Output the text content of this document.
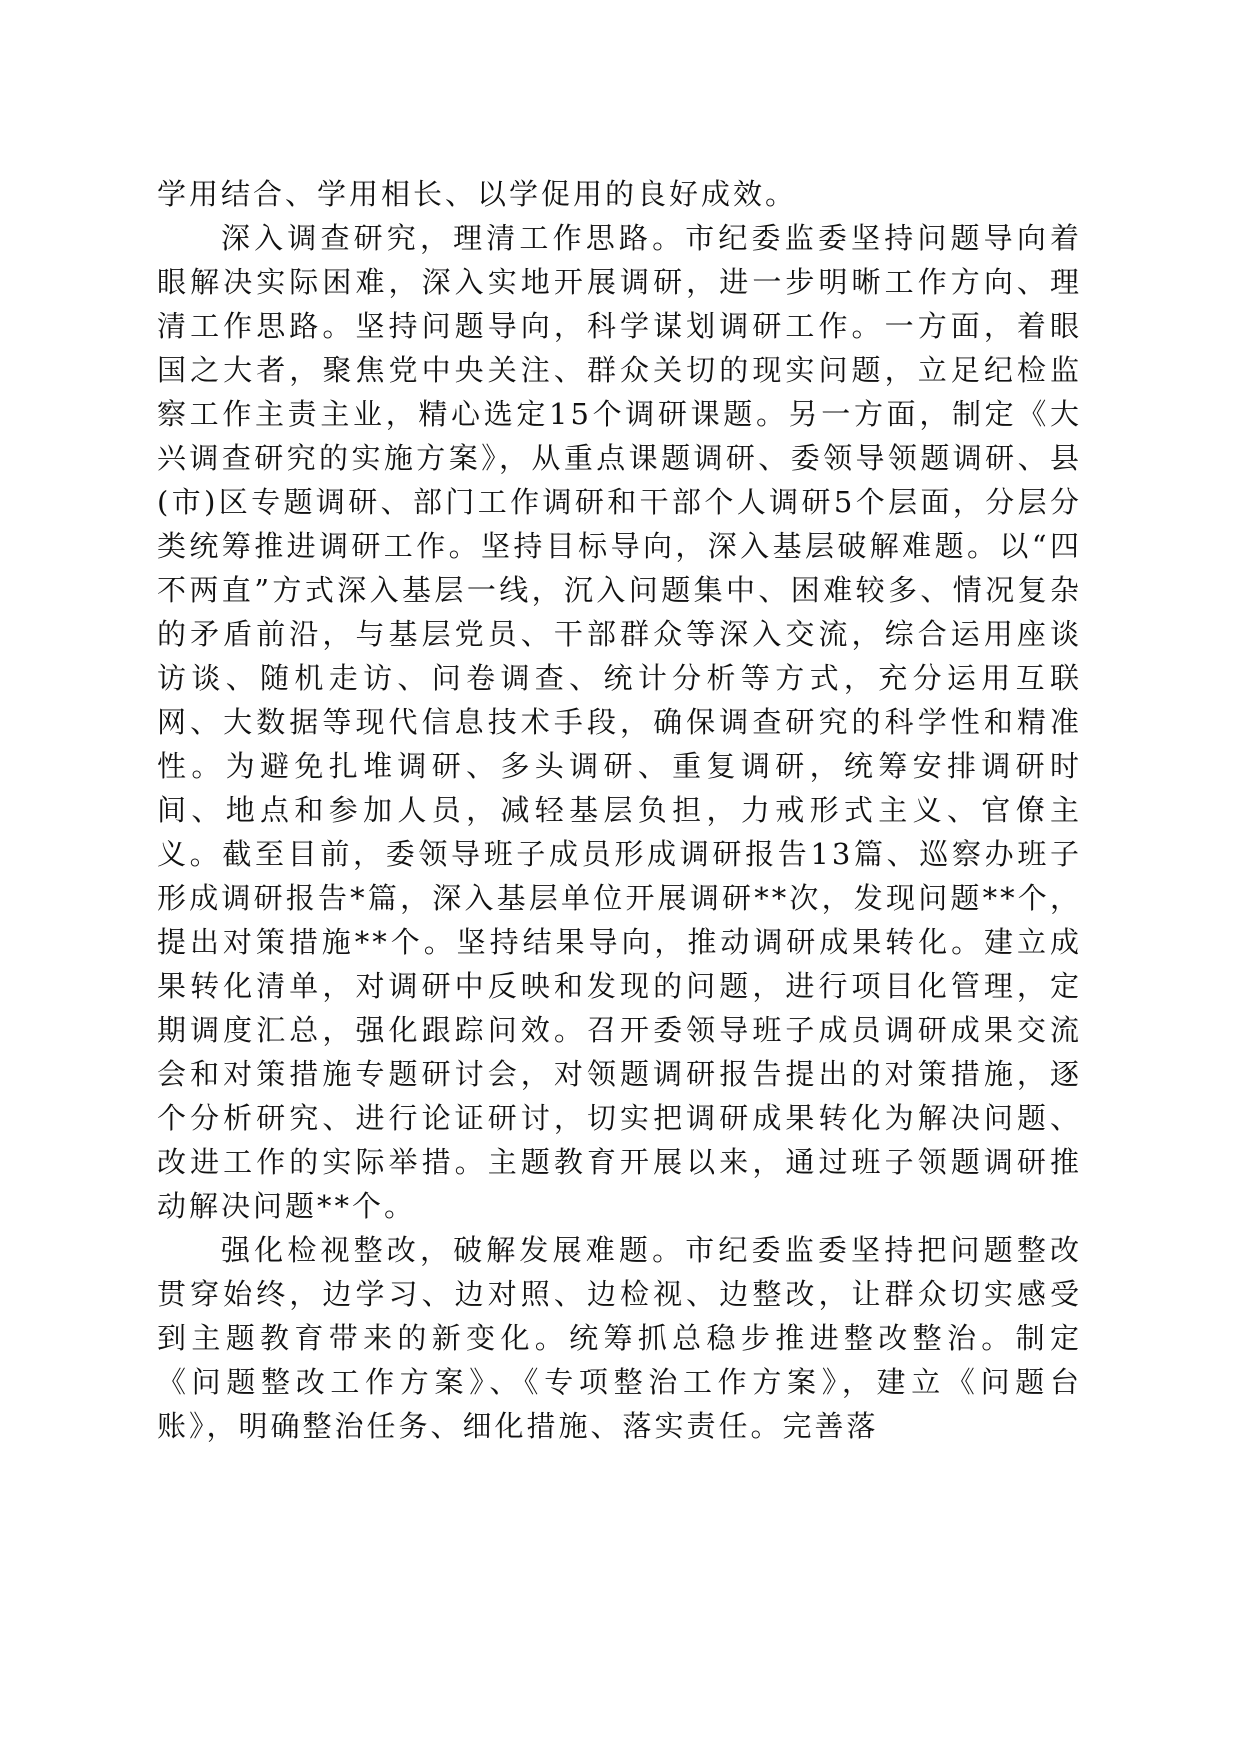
学用结合、学用相长、以学促用的良好成效。

深入调查研究，理清工作思路。市纪委监委坚持问题导向着眼解决实际困难，深入实地开展调研，进一步明晰工作方向、理清工作思路。坚持问题导向，科学谋划调研工作。一方面，着眼国之大者，聚焦党中央关注、群众关切的现实问题，立足纪检监察工作主责主业，精心选定15个调研课题。另一方面，制定《大兴调查研究的实施方案》，从重点课题调研、委领导领题调研、县(市)区专题调研、部门工作调研和干部个人调研5个层面，分层分类统筹推进调研工作。坚持目标导向，深入基层破解难题。以“四不两直”方式深入基层一线，沉入问题集中、困难较多、情况复杂的矛盾前沿，与基层党员、干部群众等深入交流，综合运用座谈访谈、随机走访、问卷调查、统计分析等方式，充分运用互联网、大数据等现代信息技术手段，确保调查研究的科学性和精准性。为避免扎堆调研、多头调研、重复调研，统筹安排调研时间、地点和参加人员，减轻基层负担，力戒形式主义、官僚主义。截至目前，委领导班子成员形成调研报告13篇、巡察办班子形成调研报告*篇，深入基层单位开展调研**次，发现问题**个，提出对策措施**个。坚持结果导向，推动调研成果转化。建立成果转化清单，对调研中反映和发现的问题，进行项目化管理，定期调度汇总，强化跟踪问效。召开委领导班子成员调研成果交流会和对策措施专题研讨会，对领题调研报告提出的对策措施，逐个分析研究、进行论证研讨，切实把调研成果转化为解决问题、改进工作的实际举措。主题教育开展以来，通过班子领题调研推动解决问题**个。

强化检视整改，破解发展难题。市纪委监委坚持把问题整改贯穿始终，边学习、边对照、边检视、边整改，让群众切实感受到主题教育带来的新变化。统筹抓总稳步推进整改整治。制定《问题整改工作方案》、《专项整治工作方案》，建立《问题台账》，明确整治任务、细化措施、落实责任。完善落
